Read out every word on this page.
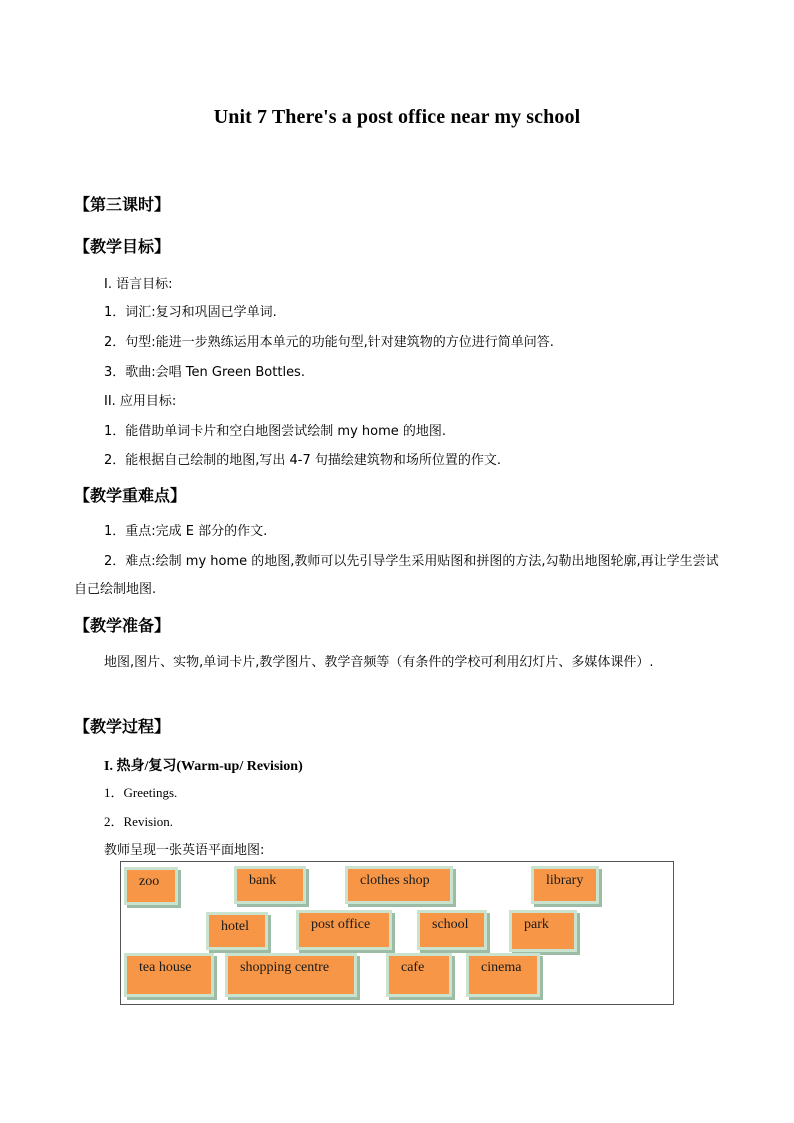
Unit 7 There's a post office near my school
【第三课时】
【教学目标】
I. 语言目标:
1．词汇:复习和巩固已学单词.
2．句型:能进一步熟练运用本单元的功能句型,针对建筑物的方位进行简单问答.
3．歌曲:会唱 Ten Green Bottles.
II. 应用目标:
1．能借助单词卡片和空白地图尝试绘制 my home 的地图.
2．能根据自己绘制的地图,写出 4-7 句描绘建筑物和场所位置的作文.
【教学重难点】
1．重点:完成 E 部分的作文.
2．难点:绘制 my home 的地图,教师可以先引导学生采用贴图和拼图的方法,勾勒出地图轮廓,再让学生尝试自己绘制地图.
【教学准备】
地图,图片、实物,单词卡片,教学图片、教学音频等（有条件的学校可利用幻灯片、多媒体课件）.
【教学过程】
I. 热身/复习(Warm-up/ Revision)
1．Greetings.
2．Revision.
教师呈现一张英语平面地图:
zoo	bank	clothes shop	library
hotel	post office	school	park
tea house	shopping centre	cafe	cinema
